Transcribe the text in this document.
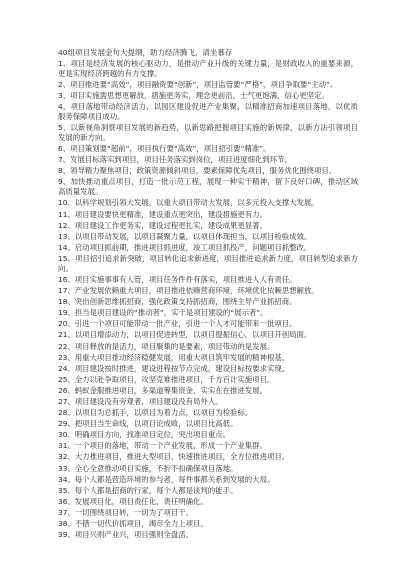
40组项目发展金句大提纲，助力经济腾飞，请坐慕存
1、项目是经济发展的核心驱动力，是推动产业升级的关键力量，是财政收入的重要来源，更是实现经济跨越的有力支撑。
2、项目推进要“高效”，项目融资要“创新”，项目监管要“严格”，项目争取要“主动”。
3、项目实施需思想更解放，措施更务实，理念更前沿，士气更饱满，信心更坚定。
4、项目落地带动经济活力，以园区建设促进产业集聚，以精准招商加速项目落地，以优质服务保障项目成功。
5、以新视角洞察项目发展的新趋势，以新思路把握项目实施的新规律，以新方法引领项目发展的新方向。
6、项目策划要“超前”，项目执行要“高效”，项目招引要“精准”。
7、发展目标落实到项目，项目任务落实到岗位，项目进度细化到环节。
8、领导精力聚焦项目，政策资源倾斜项目，要素保障优先项目，服务优化围绕项目。
9、加快推动重点项目，打造一批示范工程，展现一种实干精神，留下良好口碑，推动区域高质量发展。
10、以科学规划引领大发展，以重大项目带动大发展，以多元投入支撑大发展。
11、项目建设要快更精准，建设重点更突出，建设措施更有力。
12、项目建设工作更务实，建设过程更扎实，建设成果更显著。
13、以项目带动发展，以项目凝聚力量，以项目体现担当，以项目检验成效。
14、启动项目抓前期，推进项目抓进度，竣工项目抓投产，问题项目抓整改。
15、项目招引追求新突破，项目转化追求新进度，项目推进追求新力度，项目转型追求新方向。
16、项目实施事事有人管，项目任务件件有落实，项目推进人人有责任。
17、产业发展依赖重大项目，项目推进依赖营商环境，环境优化依赖思想解放。
18、突出创新思维抓招商，强化政策支持抓招商，围绕主导产业抓招商。
19、担当是项目建设的“推动者”，实干是项目建设的“展示者”。
20、引进一个项目可能带动一批产业，引进一个人才可能带来一批项目。
21、以项目增添动力，以项目促进转型，以项目提振信心，以项目开创局面。
22、项目释放的是活力，项目聚集的是要素，项目带动的是发展。
23、用重大项目推动经济稳健发展，用重大项目筑牢发展的精神根基。
24、项目建设按时推进，建设进程按节点完成，建设目标按要求实现。
25、全力以赴争取项目，攻坚克难推进项目，千方百计实施项目。
26、蚂蚁金服推进项目，多渠道筹集资金，实实在在推进发展。
27、项目建设没有旁观者，项目建设没有局外人。
28、以项目为总抓手，以项目为着力点，以项目为检验标。
29、把项目当生命线，以项目论成败，以项目比高低。
30、明确项目方向，找准项目定位，突出项目重点。
31、一个项目的落地，带动一个产业发展，形成一个产业集群。
32、大力推进项目，推进大型项目，快速推进项目，全方位推进项目。
33、全心全意推动项目实施，不折不扣确保项目落地。
34、每个人都是营造环境的参与者，每件事都关系到发展的大局。
35、每个人都是招商的行家，每个人都是谈判的能手。
36、发展项目化，项目责任化，责任明确化。
37、一切围绕项目转，一切为了项目干。
38、不错一切代价抓项目，竭尽全力上项目。
39、项目兴则产业兴，项目强则全盘活。
